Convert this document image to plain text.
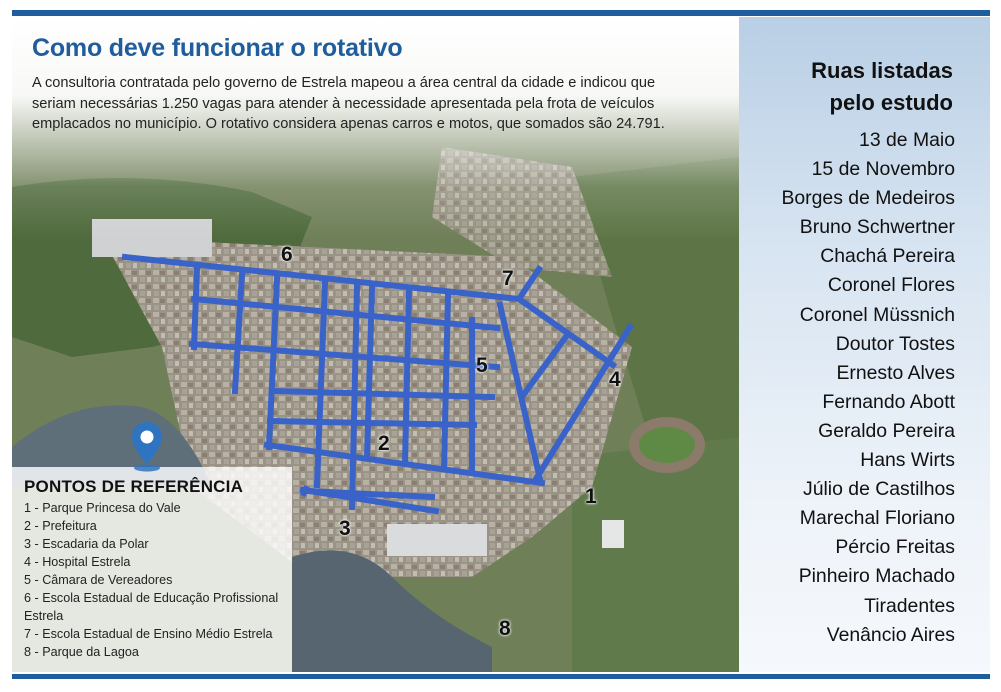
Como deve funcionar o rotativo

A consultoria contratada pelo governo de Estrela mapeou a área central da cidade e indicou que seriam necessárias 1.250 vagas para atender à necessidade apresentada pela frota de veículos emplacados no município. O rotativo considera apenas carros e motos, que somados são 24.791.

6
7
5
4
2
1
3
8
PONTOS DE REFERÊNCIA
1 - Parque Princesa do Vale
2 - Prefeitura
3 - Escadaria da Polar
4 - Hospital Estrela
5 - Câmara de Vereadores
6 - Escola Estadual de Educação Profissional Estrela
7 - Escola Estadual de Ensino Médio Estrela
8 - Parque da Lagoa
Ruas listadas
pelo estudo
13 de Maio
15 de Novembro
Borges de Medeiros
Bruno Schwertner
Chachá Pereira
Coronel Flores
Coronel Müssnich
Doutor Tostes
Ernesto Alves
Fernando Abott
Geraldo Pereira
Hans Wirts
Júlio de Castilhos
Marechal Floriano
Pércio Freitas
Pinheiro Machado
Tiradentes
Venâncio Aires
